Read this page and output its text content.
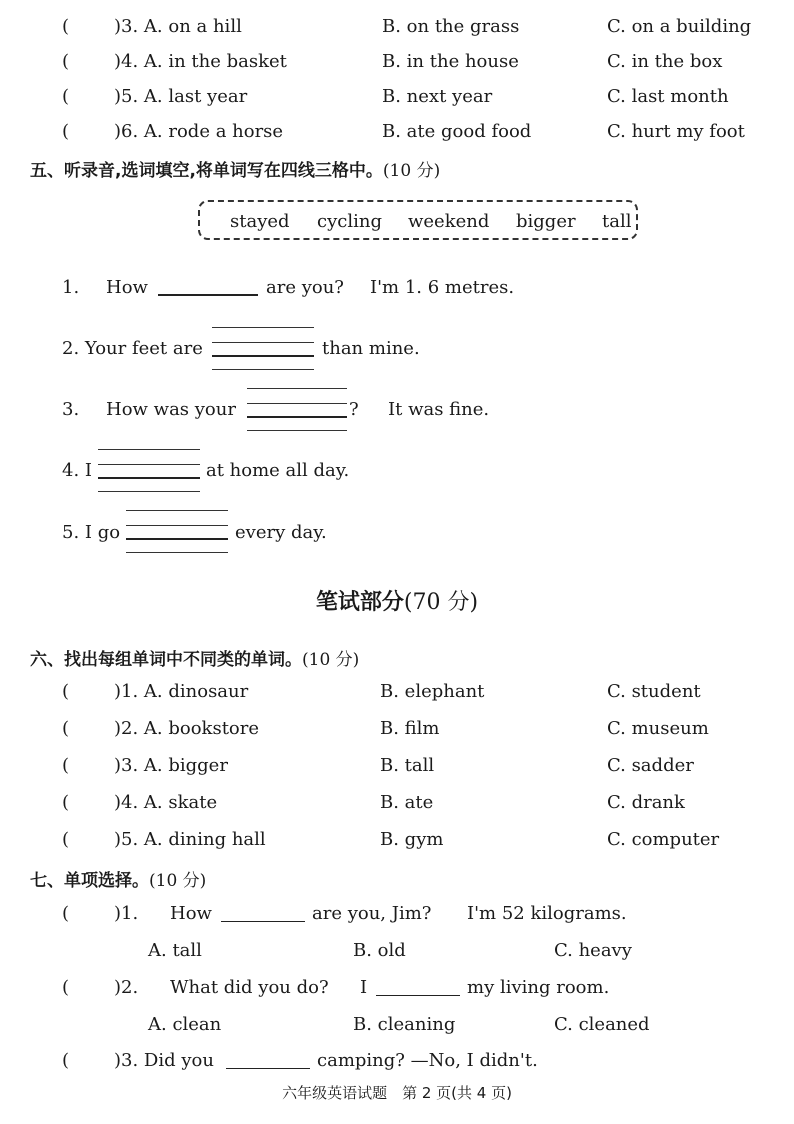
( )3. A. on a hill	B. on the grass	C. on a building
( )4. A. in the basket	B. in the house	C. in the box
( )5. A. last year	B. next year	C. last month
( )6. A. rode a horse	B. ate good food	C. hurt my foot
五、听录音,选词填空,将单词写在四线三格中。(10 分)
stayed cycling weekend bigger tall
1. How	are you? I'm 1. 6 metres.
2. Your feet are	than mine.
3. How was your	? It was fine.
4. I	at home all day.
5. I go	every day.
笔试部分(70 分)
六、找出每组单词中不同类的单词。(10 分)
( )1. A. dinosaur	B. elephant	C. student
( )2. A. bookstore	B. film	C. museum
( )3. A. bigger	B. tall	C. sadder
( )4. A. skate	B. ate	C. drank
( )5. A. dining hall	B. gym	C. computer
七、单项选择。(10 分)
( )1. How	are you, Jim? I'm 52 kilograms.
A. tall	B. old	C. heavy
( )2. What did you do? I	my living room.
A. clean	B. cleaning	C. cleaned
( )3. Did you	camping? —No, I didn't.
六年级英语试题　第 2 页(共 4 页)
